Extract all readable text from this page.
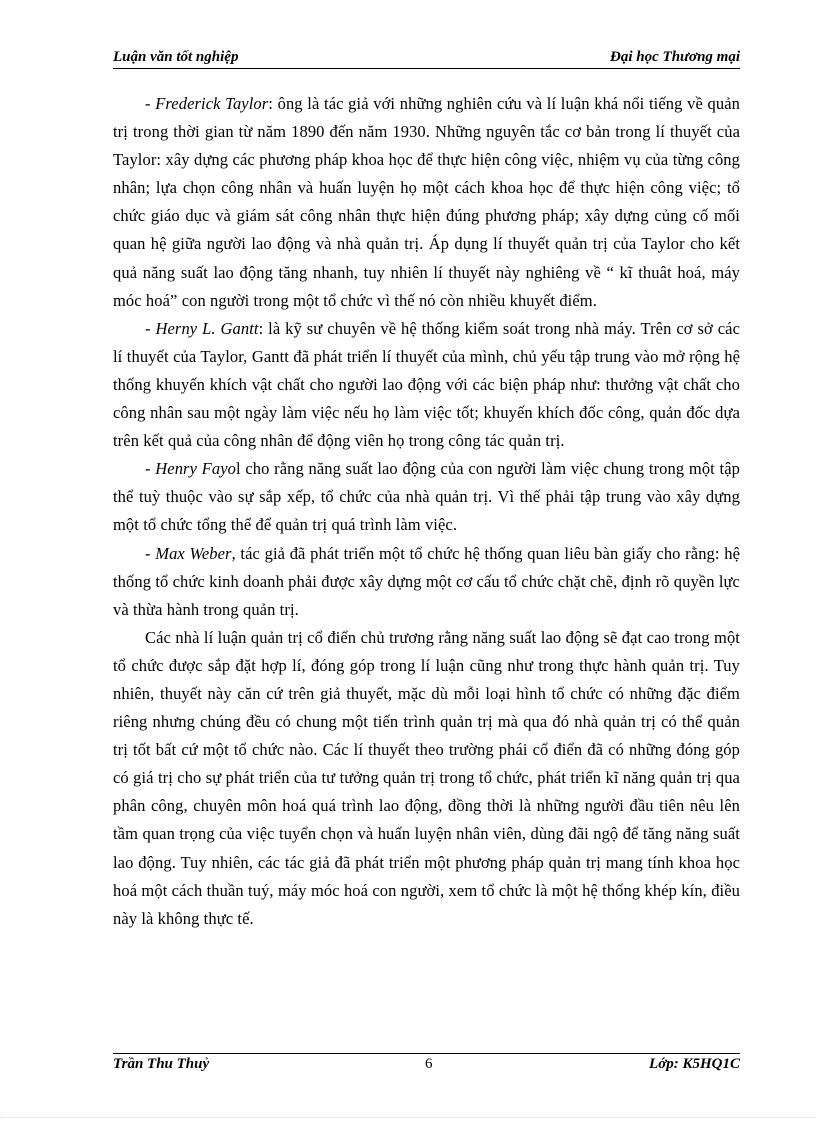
Luận văn tốt nghiệp	Đại học Thương mại

- Frederick Taylor: ông là tác giả với những nghiên cứu và lí luận khá nổi tiếng về quản trị trong thời gian từ năm 1890 đến năm 1930. Những nguyên tắc cơ bản trong lí thuyết của Taylor: xây dựng các phương pháp khoa học để thực hiện công việc, nhiệm vụ của từng công nhân; lựa chọn công nhân và huấn luyện họ một cách khoa học để thực hiện công việc; tổ chức giáo dục và giám sát công nhân thực hiện đúng phương pháp; xây dựng củng cố mối quan hệ giữa người lao động và nhà quản trị. Áp dụng lí thuyết quản trị của Taylor cho kết quả năng suất lao động tăng nhanh, tuy nhiên lí thuyết này nghiêng về “ kĩ thuât hoá, máy móc hoá” con người trong một tổ chức vì thế nó còn nhiều khuyết điểm.

- Herny L. Gantt: là kỹ sư chuyên về hệ thống kiểm soát trong nhà máy. Trên cơ sở các lí thuyết của Taylor, Gantt đã phát triển lí thuyết của mình, chủ yếu tập trung vào mở rộng hệ thống khuyến khích vật chất cho người lao động với các biện pháp như: thưởng vật chất cho công nhân sau một ngày làm việc nếu họ làm việc tốt; khuyến khích đốc công, quản đốc dựa trên kết quả của công nhân để động viên họ trong công tác quản trị.

- Henry Fayol cho rằng năng suất lao động của con người làm việc chung trong một tập thể tuỳ thuộc vào sự sắp xếp, tổ chức của nhà quản trị. Vì thế phải tập trung vào xây dựng một tổ chức tổng thể để quản trị quá trình làm việc.

- Max Weber, tác giả đã phát triển một tổ chức hệ thống quan liêu bàn giấy cho rằng: hệ thống tổ chức kinh doanh phải được xây dựng một cơ cấu tổ chức chặt chẽ, định rõ quyền lực và thừa hành trong quản trị.

Các nhà lí luận quản trị cổ điển chủ trương rằng năng suất lao động sẽ đạt cao trong một tổ chức được sắp đặt hợp lí, đóng góp trong lí luận cũng như trong thực hành quản trị. Tuy nhiên, thuyết này căn cứ trên giả thuyết, mặc dù mỗi loại hình tổ chức có những đặc điểm riêng nhưng chúng đều có chung một tiến trình quản trị mà qua đó nhà quản trị có thể quản trị tốt bất cứ một tổ chức nào. Các lí thuyết theo trường phái cổ điển đã có những đóng góp có giá trị cho sự phát triển của tư tưởng quản trị trong tổ chức, phát triển kĩ năng quản trị qua phân công, chuyên môn hoá quá trình lao động, đồng thời là những người đầu tiên nêu lên tầm quan trọng của việc tuyển chọn và huấn luyện nhân viên, dùng đãi ngộ để tăng năng suất lao động. Tuy nhiên, các tác giả đã phát triển một phương pháp quản trị mang tính khoa học hoá một cách thuần tuý, máy móc hoá con người, xem tổ chức là một hệ thống khép kín, điều này là không thực tế.

Trần Thu Thuỷ	6	Lớp: K5HQ1C
